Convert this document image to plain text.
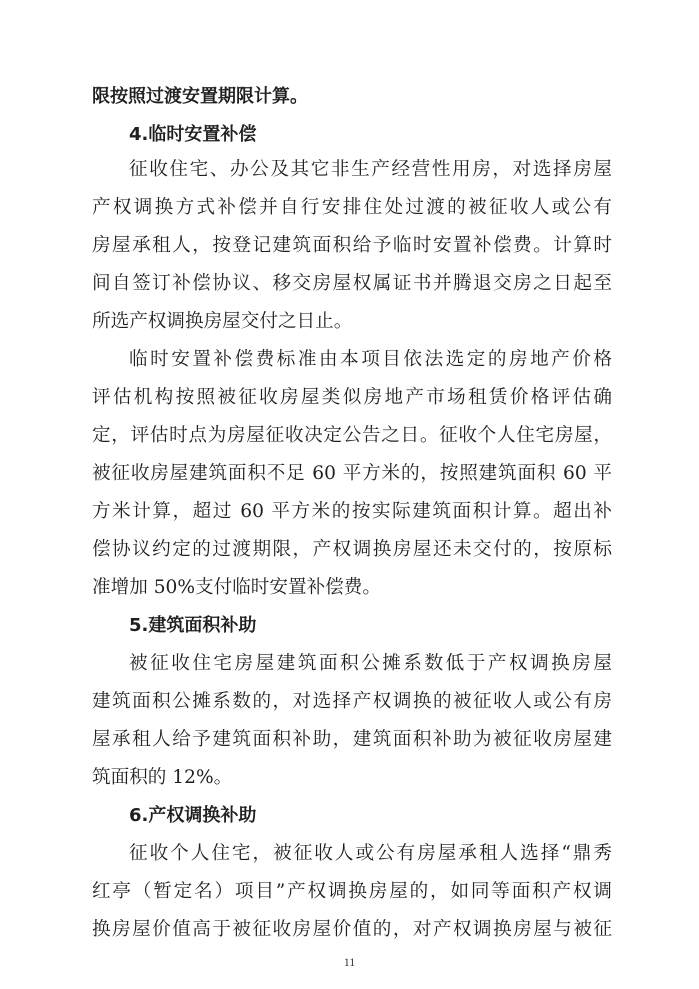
限按照过渡安置期限计算。
4.临时安置补偿
征收住宅、办公及其它非生产经营性用房，对选择房屋
产权调换方式补偿并自行安排住处过渡的被征收人或公有
房屋承租人，按登记建筑面积给予临时安置补偿费。计算时
间自签订补偿协议、移交房屋权属证书并腾退交房之日起至
所选产权调换房屋交付之日止。
临时安置补偿费标准由本项目依法选定的房地产价格
评估机构按照被征收房屋类似房地产市场租赁价格评估确
定，评估时点为房屋征收决定公告之日。征收个人住宅房屋，
被征收房屋建筑面积不足 60 平方米的，按照建筑面积 60 平
方米计算，超过 60 平方米的按实际建筑面积计算。超出补
偿协议约定的过渡期限，产权调换房屋还未交付的，按原标
准增加 50%支付临时安置补偿费。
5.建筑面积补助
被征收住宅房屋建筑面积公摊系数低于产权调换房屋
建筑面积公摊系数的，对选择产权调换的被征收人或公有房
屋承租人给予建筑面积补助，建筑面积补助为被征收房屋建
筑面积的 12%。
6.产权调换补助
征收个人住宅，被征收人或公有房屋承租人选择“鼎秀
红亭（暂定名）项目”产权调换房屋的，如同等面积产权调
换房屋价值高于被征收房屋价值的，对产权调换房屋与被征
11
